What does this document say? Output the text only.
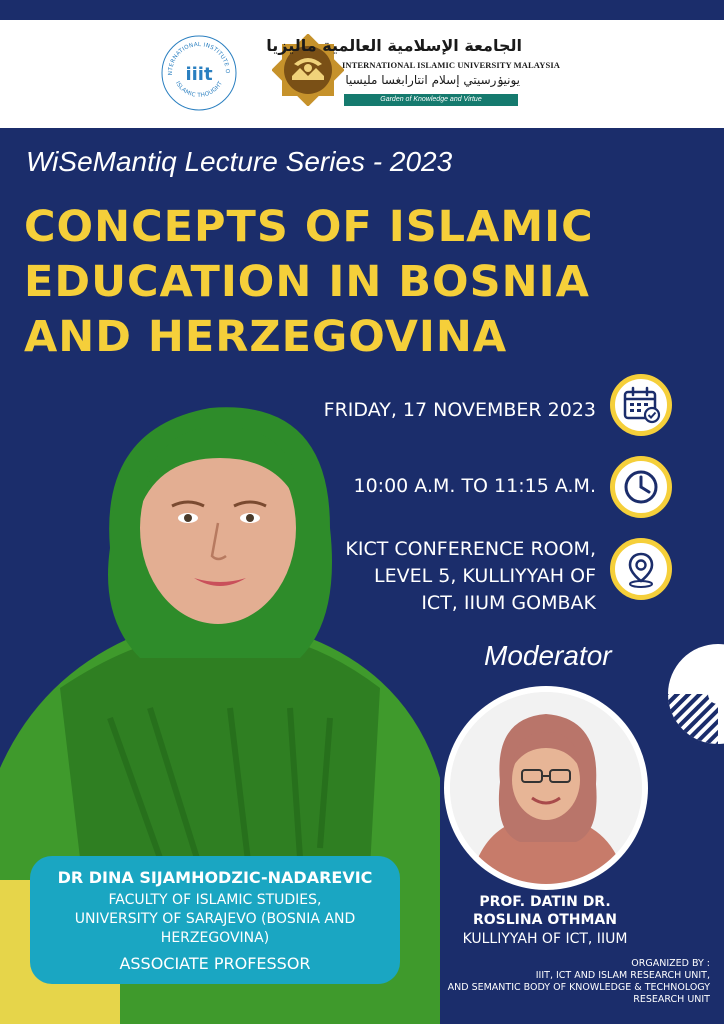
NTERNATIONAL INSTITUTE O
ISLAMIC THOUGHT
iiit
الجامعة الإسلامية العالمية ماليزيا
INTERNATIONAL ISLAMIC UNIVERSITY MALAYSIA
يونيۏرسيتي إسلام انتارابغسا مليسيا
Garden of Knowledge and Virtue
WiSeMantiq Lecture Series - 2023
CONCEPTS OF ISLAMIC
EDUCATION IN BOSNIA
AND HERZEGOVINA
FRIDAY, 17 NOVEMBER 2023
10:00 A.M. TO 11:15 A.M.
KICT CONFERENCE ROOM,
LEVEL 5, KULLIYYAH OF
ICT, IIUM GOMBAK
Moderator
DR DINA SIJAMHODZIC-NADAREVIC
FACULTY OF ISLAMIC STUDIES,
UNIVERSITY OF SARAJEVO (BOSNIA AND
HERZEGOVINA)
ASSOCIATE PROFESSOR
PROF. DATIN DR.
ROSLINA OTHMAN
KULLIYYAH OF ICT, IIUM
ORGANIZED BY :
IIIT, ICT AND ISLAM RESEARCH UNIT,
AND SEMANTIC BODY OF KNOWLEDGE & TECHNOLOGY
RESEARCH UNIT
